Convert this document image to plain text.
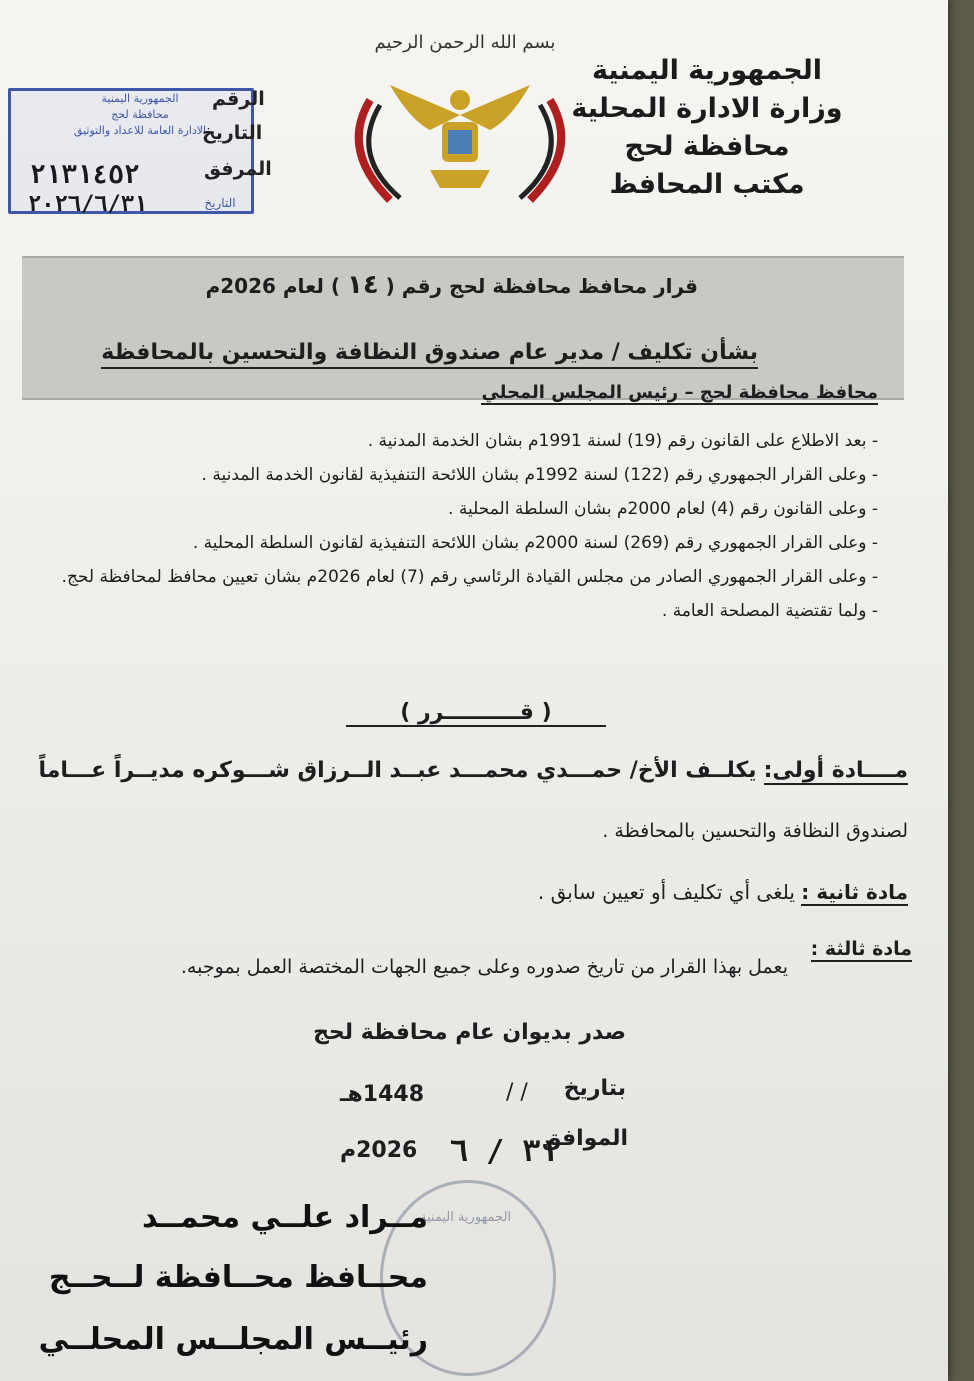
الجمهورية اليمنية
وزارة الادارة المحلية
محافظة لحج
مكتب المحافظ
بسم الله الرحمن الرحيم
الجمهورية اليمنية
محافظة لحج
الادارة العامة للاعداد والتوثيق
الرقم
التاريخ
المرفق
٢١٣١٤٥٢
٢٠٢٦/٦/٣١	التاريخ
قرار محافظ محافظة لحج رقم ( ١٤ ) لعام 2026م
بشأن تكليف / مدير عام صندوق النظافة والتحسين بالمحافظة
محافظ محافظة لحج – رئيس المجلس المحلي
- بعد الاطلاع على القانون رقم (19) لسنة 1991م بشان الخدمة المدنية .
- وعلى القرار الجمهوري رقم (122) لسنة 1992م بشان اللائحة التنفيذية لقانون الخدمة المدنية .
- وعلى القانون رقم (4) لعام 2000م بشان السلطة المحلية .
- وعلى القرار الجمهوري رقم (269) لسنة 2000م بشان اللائحة التنفيذية لقانون السلطة المحلية .
- وعلى القرار الجمهوري الصادر من مجلس القيادة الرئاسي رقم (7) لعام 2026م بشان تعيين محافظ لمحافظة لحج.
- ولما تقتضية المصلحة العامة .
( قــــــــــرر )
مــــادة أولى: يكلــف الأخ/ حمـــدي محمـــد عبــد الــرزاق شـــوكره مديــراً عـــاماً
لصندوق النظافة والتحسين بالمحافظة .
مادة ثانية : يلغى أي تكليف أو تعيين سابق .
مادة ثالثة :
يعمل بهذا القرار من تاريخ صدوره وعلى جميع الجهات المختصة العمل بموجبه.
صدر بديوان عام محافظة لحج
بتاريخ
/ /
1448هـ
الموافق
٣١ / ٦
2026م
الجمهورية اليمنية
مــراد علــي محمــد
محــافظ محــافظة لــحــج
رئيــس المجلــس المحلــي
